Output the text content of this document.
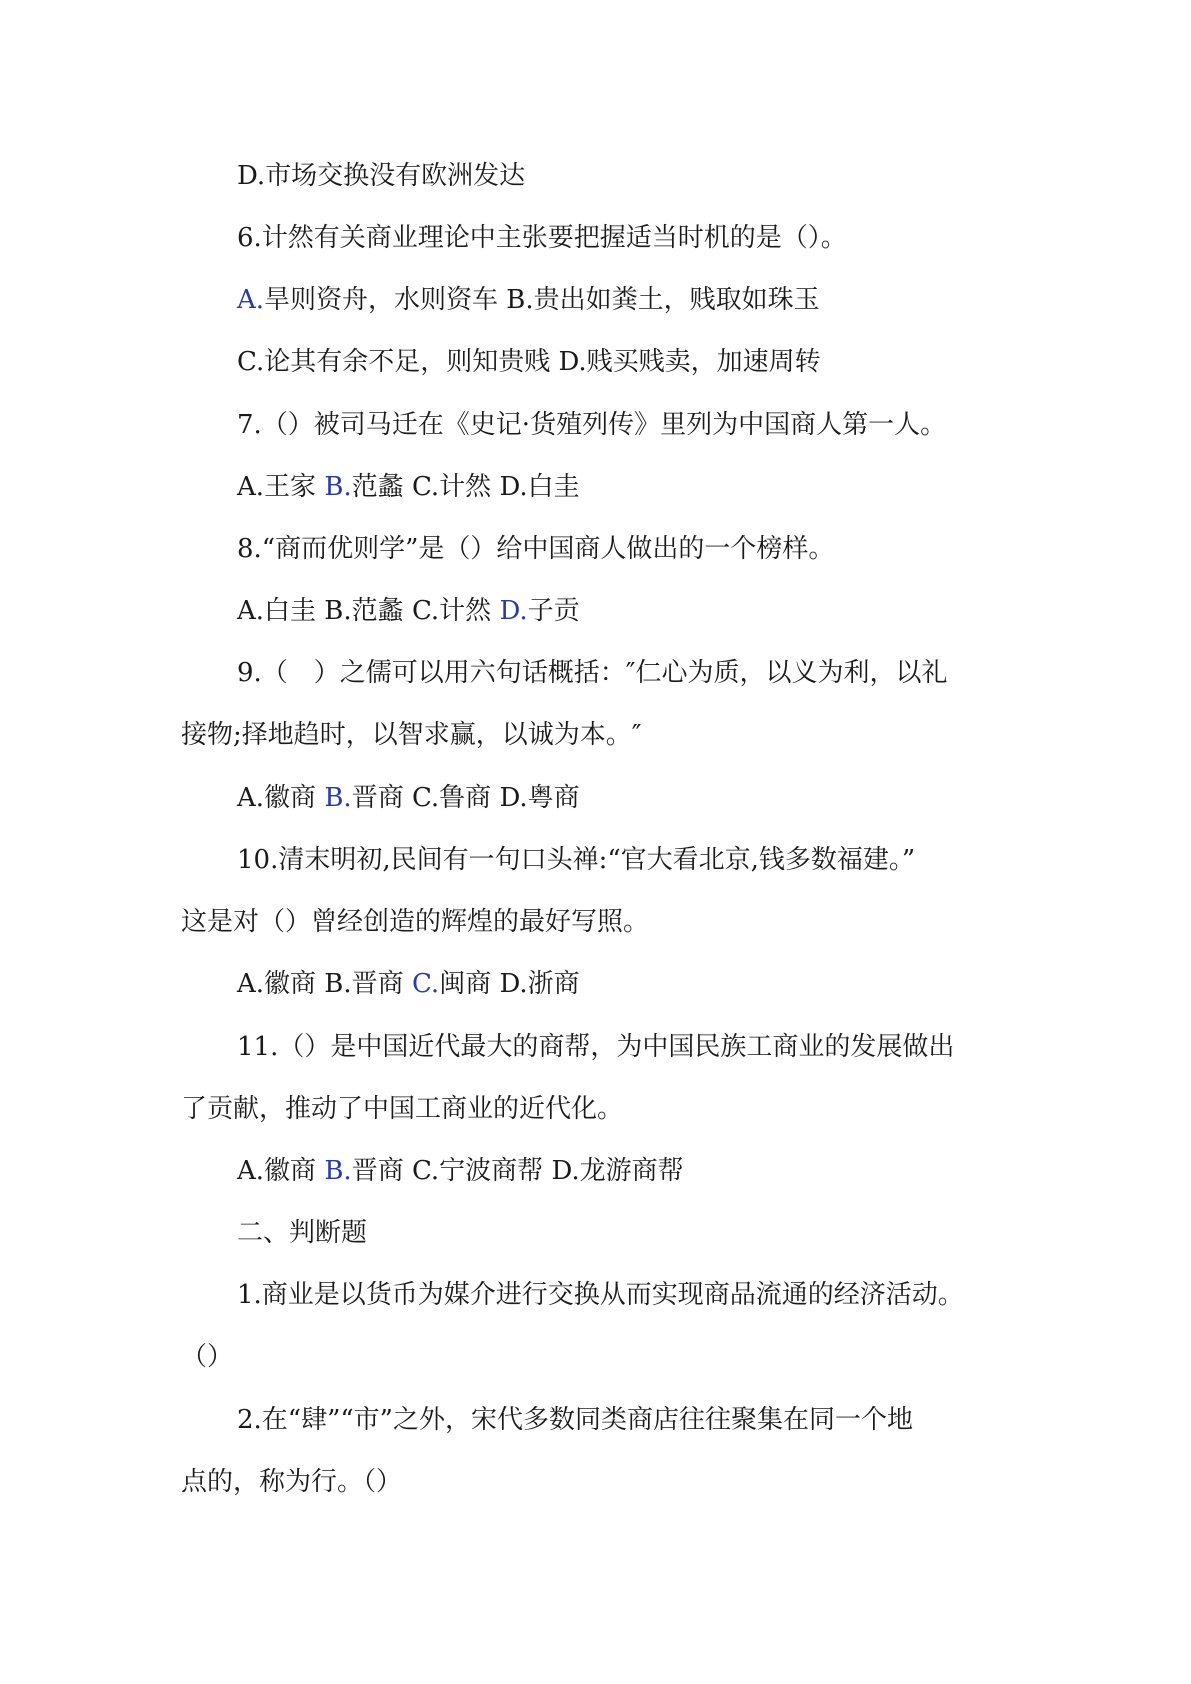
D.市场交换没有欧洲发达
6.计然有关商业理论中主张要把握适当时机的是（）。
A.旱则资舟，水则资车 B.贵出如粪土，贱取如珠玉
C.论其有余不足，则知贵贱 D.贱买贱卖，加速周转
7.（）被司马迁在《史记·货殖列传》里列为中国商人第一人。
A.王家 B.范蠡 C.计然 D.白圭
8.“商而优则学”是（）给中国商人做出的一个榜样。
A.白圭 B.范蠡 C.计然 D.子贡
9.（　）之儒可以用六句话概括：″仁心为质，以义为利，以礼
接物;择地趋时，以智求赢，以诚为本。″
A.徽商 B.晋商 C.鲁商 D.粤商
10.清末明初,民间有一句口头禅:“官大看北京,钱多数福建。”
这是对（）曾经创造的辉煌的最好写照。
A.徽商 B.晋商 C.闽商 D.浙商
11.（）是中国近代最大的商帮，为中国民族工商业的发展做出
了贡献，推动了中国工商业的近代化。
A.徽商 B.晋商 C.宁波商帮 D.龙游商帮
二、判断题
1.商业是以货币为媒介进行交换从而实现商品流通的经济活动。
（）
2.在“肆”“市”之外，宋代多数同类商店往往聚集在同一个地
点的，称为行。（）
